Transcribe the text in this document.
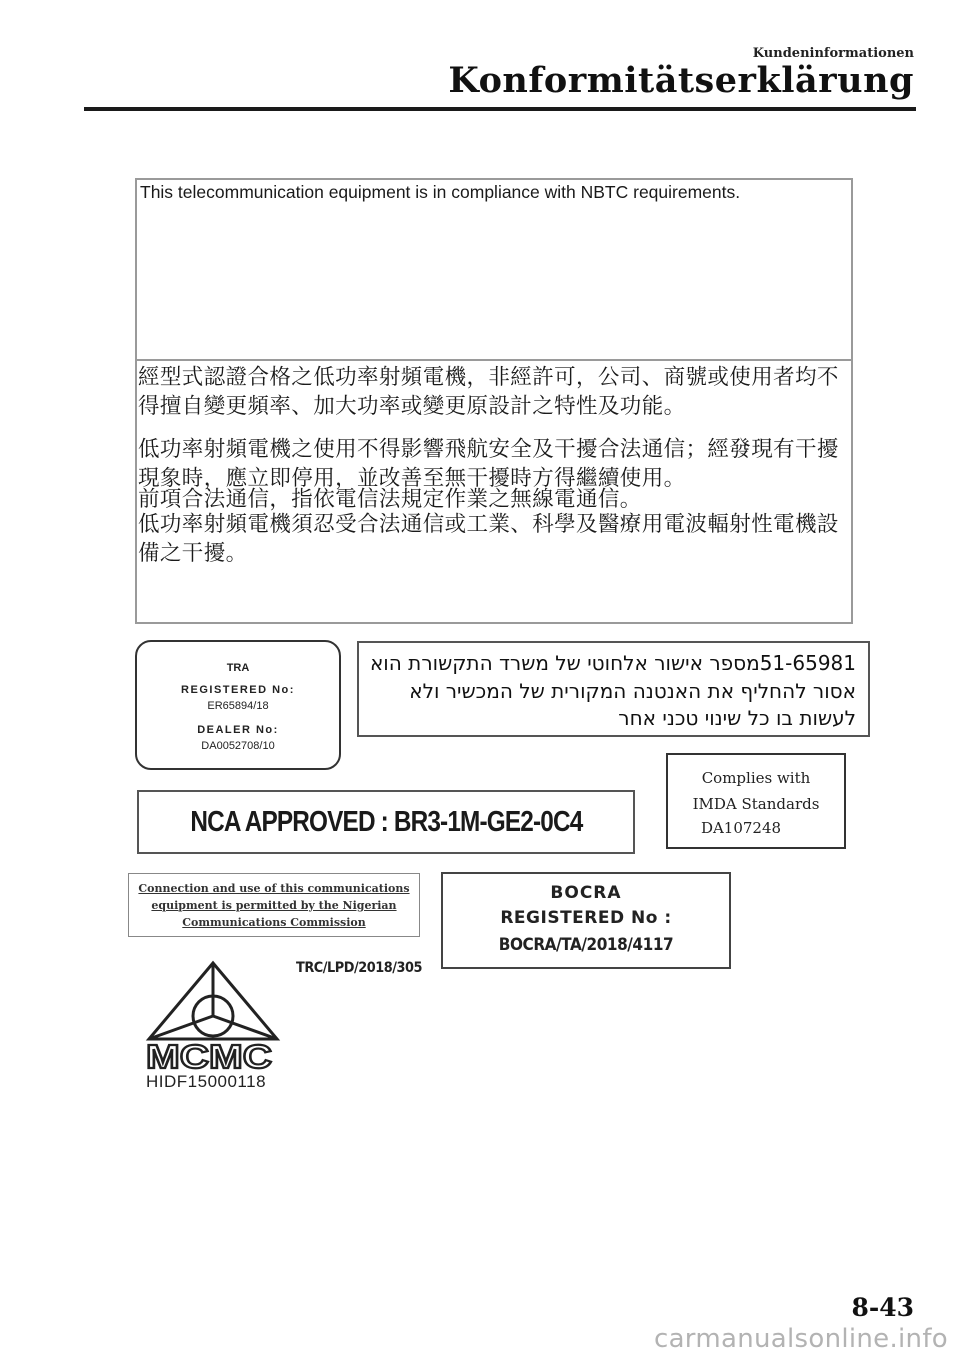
Kundeninformationen
Konformitätserklärung
This telecommunication equipment is in compliance with NBTC requirements.
經型式認證合格之低功率射頻電機，非經許可，公司、商號或使用者均不得擅自變更頻率、加大功率或變更原設計之特性及功能。
低功率射頻電機之使用不得影響飛航安全及干擾合法通信；經發現有干擾現象時，應立即停用，並改善至無干擾時方得繼續使用。
前項合法通信，指依電信法規定作業之無線電通信。
低功率射頻電機須忍受合法通信或工業、科學及醫療用電波輻射性電機設備之干擾。
TRA
REGISTERED No:
ER65894/18
DEALER No:
DA0052708/10
51-65981מספר אישור אלחוטי של משרד התקשורת הוא
אסור להחליף את האנטנה המקורית של המכשיר ולא
לעשות בו כל שינוי טכני אחר
Complies with
IMDA Standards
DA107248
NCA APPROVED : BR3-1M-GE2-0C4
Connection and use of this communications
equipment is permitted by the Nigerian
Communications Commission
BOCRA
REGISTERED No :
BOCRA/TA/2018/4117
TRC/LPD/2018/305
MCMC
HIDF15000118
8-43
carmanualsonline.info
